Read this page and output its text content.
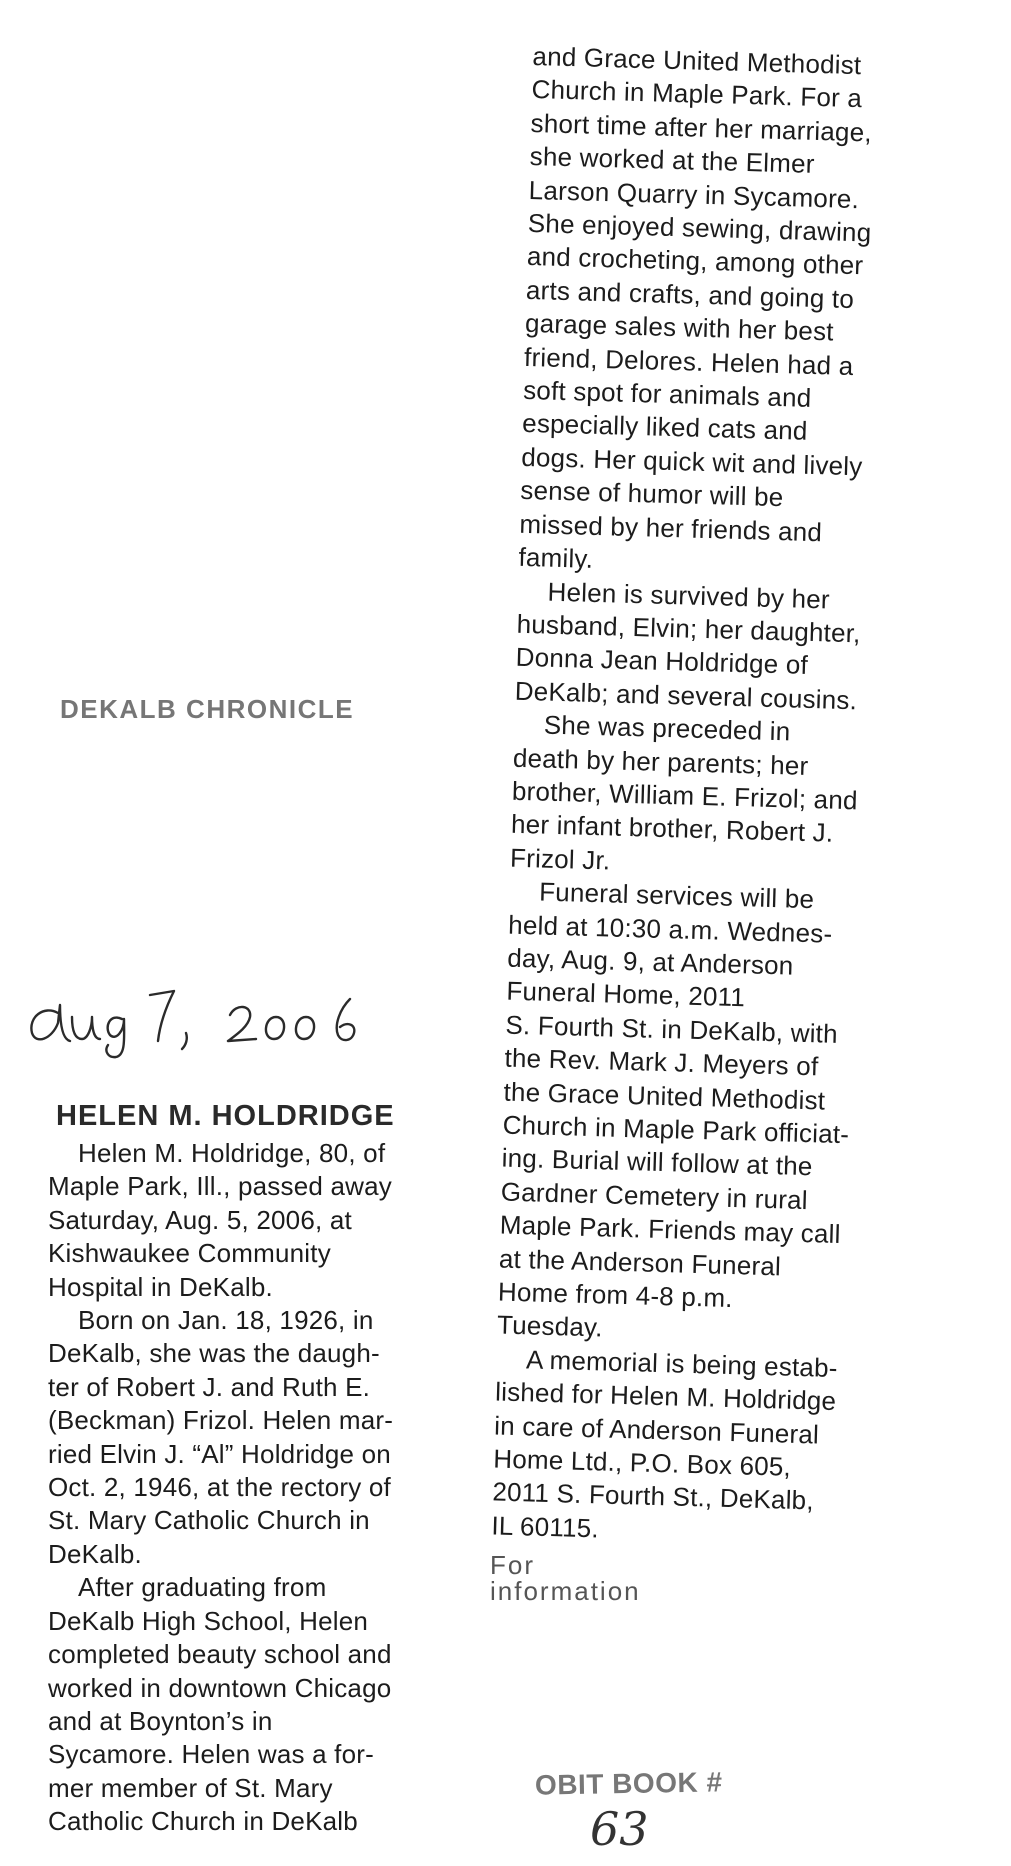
DEKALB CHRONICLE
HELEN M. HOLDRIDGE

Helen M. Holdridge, 80, of
Maple Park, Ill., passed away
Saturday, Aug. 5, 2006, at
Kishwaukee Community
Hospital in DeKalb.

Born on Jan. 18, 1926, in
DeKalb, she was the daugh-
ter of Robert J. and Ruth E.
(Beckman) Frizol. Helen mar-
ried Elvin J. “Al” Holdridge on
Oct. 2, 1946, at the rectory of
St. Mary Catholic Church in
DeKalb.

After graduating from
DeKalb High School, Helen
completed beauty school and
worked in downtown Chicago
and at Boynton’s in
Sycamore. Helen was a for-
mer member of St. Mary
Catholic Church in DeKalb

and Grace United Methodist
Church in Maple Park. For a
short time after her marriage,
she worked at the Elmer
Larson Quarry in Sycamore.
She enjoyed sewing, drawing
and crocheting, among other
arts and crafts, and going to
garage sales with her best
friend, Delores. Helen had a
soft spot for animals and
especially liked cats and
dogs. Her quick wit and lively
sense of humor will be
missed by her friends and
family.

Helen is survived by her
husband, Elvin; her daughter,
Donna Jean Holdridge of
DeKalb; and several cousins.

She was preceded in
death by her parents; her
brother, William E. Frizol; and
her infant brother, Robert J.
Frizol Jr.

Funeral services will be
held at 10:30 a.m. Wednes-
day, Aug. 9, at Anderson
Funeral Home, 2011
S. Fourth St. in DeKalb, with
the Rev. Mark J. Meyers of
the Grace United Methodist
Church in Maple Park officiat-
ing. Burial will follow at the
Gardner Cemetery in rural
Maple Park. Friends may call
at the Anderson Funeral
Home from 4-8 p.m.
Tuesday.

A memorial is being estab-
lished for Helen M. Holdridge
in care of Anderson Funeral
Home Ltd., P.O. Box 605,
2011 S. Fourth St., DeKalb,
IL 60115.

For information
OBIT BOOK #
63
